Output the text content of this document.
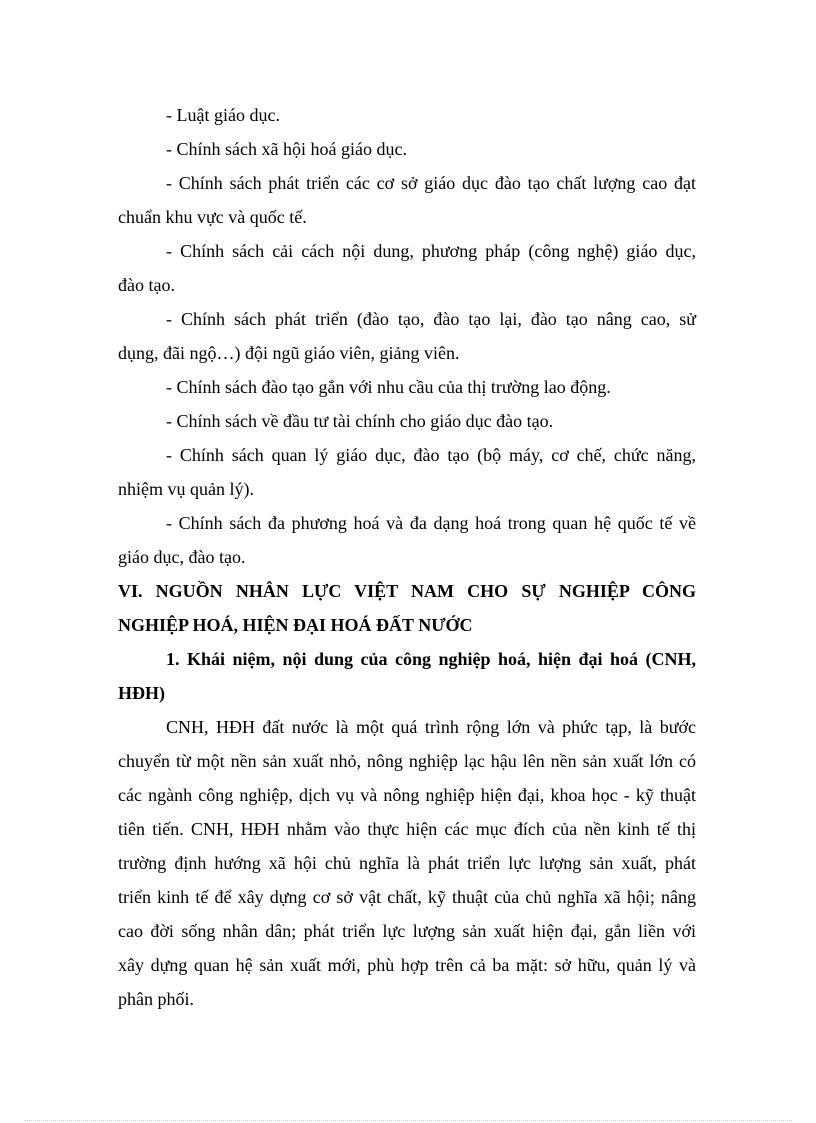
- Luật giáo dục.
- Chính sách xã hội hoá giáo dục.
- Chính sách phát triển các cơ sở giáo dục đào tạo chất lượng cao đạt
chuẩn khu vực và quốc tế.
- Chính sách cải cách nội dung, phương pháp (công nghệ) giáo dục,
đào tạo.
- Chính sách phát triển (đào tạo, đào tạo lại, đào tạo nâng cao, sử
dụng, đãi ngộ…) đội ngũ giáo viên, giảng viên.
- Chính sách đào tạo gắn với nhu cầu của thị trường lao động.
- Chính sách về đầu tư tài chính cho giáo dục đào tạo.
- Chính sách quan lý giáo dục, đào tạo (bộ máy, cơ chế, chức năng,
nhiệm vụ quản lý).
- Chính sách đa phương hoá và đa dạng hoá trong quan hệ quốc tế về
giáo dục, đào tạo.
VI. NGUỒN NHÂN LỰC VIỆT NAM CHO SỰ NGHIỆP CÔNG
NGHIỆP HOÁ, HIỆN ĐẠI HOÁ ĐẤT NƯỚC
1. Khái niệm, nội dung của công nghiệp hoá, hiện đại hoá (CNH,
HĐH)
CNH, HĐH đất nước là một quá trình rộng lớn và phức tạp, là bước
chuyển từ một nền sản xuất nhỏ, nông nghiệp lạc hậu lên nền sản xuất lớn có
các ngành công nghiệp, dịch vụ và nông nghiệp hiện đại, khoa học - kỹ thuật
tiên tiến. CNH, HĐH nhằm vào thực hiện các mục đích của nền kinh tế thị
trường định hướng xã hội chủ nghĩa là phát triển lực lượng sản xuất, phát
triển kinh tế để xây dựng cơ sở vật chất, kỹ thuật của chủ nghĩa xã hội; nâng
cao đời sống nhân dân; phát triển lực lượng sản xuất hiện đại, gắn liền với
xây dựng quan hệ sản xuất mới, phù hợp trên cả ba mặt: sở hữu, quản lý và
phân phối.
